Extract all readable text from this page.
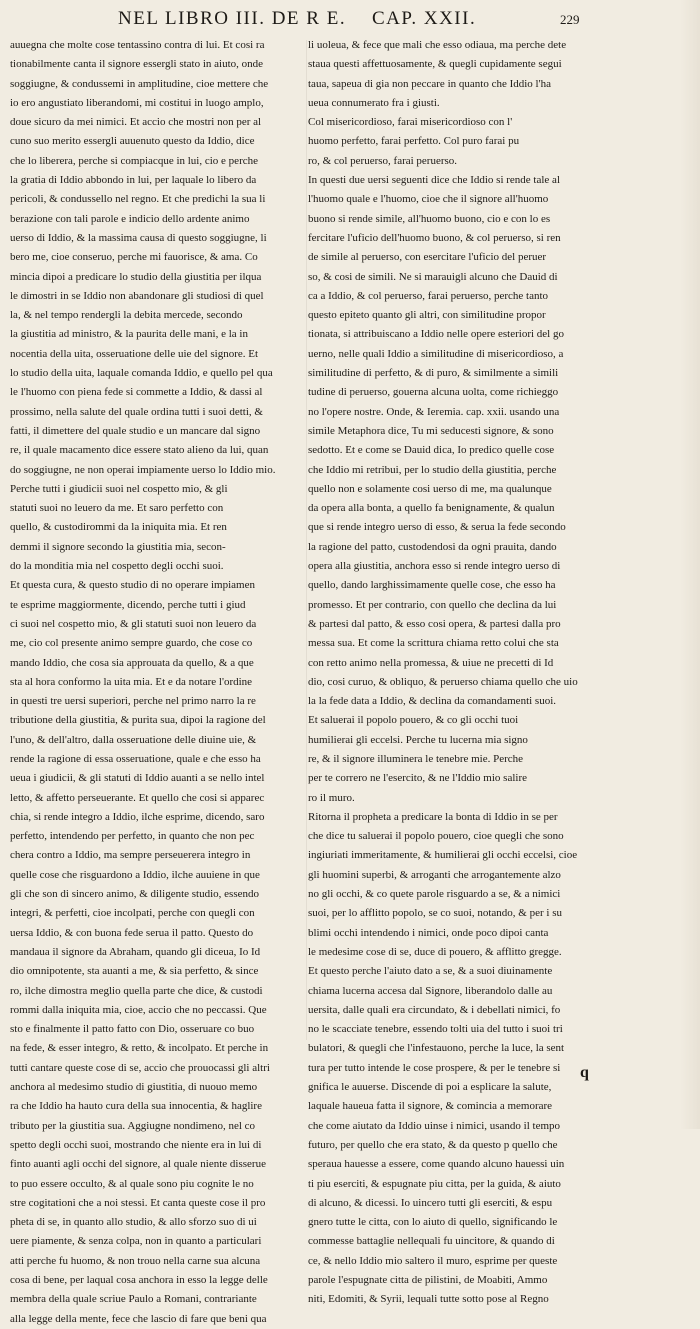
NEL LIBRO III. DE R E. CAP. XXII.	229
auuegna che molte cose tentassino contra di lui. Et cosi ra
tionabilmente canta il signore essergli stato in aiuto, onde
soggiugne, & condussemi in amplitudine, cioe mettere che
io ero angustiato liberandomi, mi costitui in luogo amplo,
doue sicuro da mei nimici. Et accio che mostri non per al
cuno suo merito essergli auuenuto questo da Iddio, dice
che lo liberera, perche si compiacque in lui, cio e perche
la gratia di Iddio abbondo in lui, per laquale lo libero da
pericoli, & condussello nel regno. Et che predichi la sua li
berazione con tali parole e indicio dello ardente animo
uerso di Iddio, & la massima causa di questo soggiugne, li
bero me, cioe conseruo, perche mi fauorisce, & ama. Co
mincia dipoi a predicare lo studio della giustitia per ilqua
le dimostri in se Iddio non abandonare gli studiosi di quel
la, & nel tempo rendergli la debita mercede, secondo
la giustitia ad ministro, & la paurita delle mani, e la in
nocentia della uita, osseruatione delle uie del signore. Et
lo studio della uita, laquale comanda Iddio, e quello pel qua
le l'huomo con piena fede si commette a Iddio, & dassi al
prossimo, nella salute del quale ordina tutti i suoi detti, &
fatti, il dimettere del quale studio e un mancare dal signo
re, il quale macamento dice essere stato alieno da lui, quan
do soggiugne, ne non operai impiamente uerso lo Iddio mio.
Perche tutti i giudicii suoi nel cospetto mio, & gli
statuti suoi no leuero da me. Et saro perfetto con
quello, & custodirommi da la iniquita mia. Et ren
demmi il signore secondo la giustitia mia, secon-
do la monditia mia nel cospetto degli occhi suoi.
Et questa cura, & questo studio di no operare impiamen
te esprime maggiormente, dicendo, perche tutti i giud
ci suoi nel cospetto mio, & gli statuti suoi non leuero da
me, cio col presente animo sempre guardo, che cose co
mando Iddio, che cosa sia approuata da quello, & a que
sta al hora conformo la uita mia. Et e da notare l'ordine
in questi tre uersi superiori, perche nel primo narro la re
tributione della giustitia, & purita sua, dipoi la ragione del
l'uno, & dell'altro, dalla osseruatione delle diuine uie, &
rende la ragione di essa osseruatione, quale e che esso ha
ueua i giudicii, & gli statuti di Iddio auanti a se nello intel
letto, & affetto perseuerante. Et quello che cosi si apparec
chia, si rende integro a Iddio, ilche esprime, dicendo, saro
perfetto, intendendo per perfetto, in quanto che non pec
chera contro a Iddio, ma sempre perseuerera integro in
quelle cose che risguardono a Iddio, ilche auuiene in que
gli che son di sincero animo, & diligente studio, essendo
integri, & perfetti, cioe incolpati, perche con quegli con
uersa Iddio, & con buona fede serua il patto. Questo do
mandaua il signore da Abraham, quando gli diceua, Io Id
dio omnipotente, sta auanti a me, & sia perfetto, & since
ro, ilche dimostra meglio quella parte che dice, & custodi
rommi dalla iniquita mia, cioe, accio che no peccassi. Que
sto e finalmente il patto fatto con Dio, osseruare co buo
na fede, & esser integro, & retto, & incolpato. Et perche in
tutti cantare queste cose di se, accio che prouocassi gli altri
anchora al medesimo studio di giustitia, di nuouo memo
ra che Iddio ha hauto cura della sua innocentia, & haglire
tributo per la giustitia sua. Aggiugne nondimeno, nel co
spetto degli occhi suoi, mostrando che niente era in lui di
finto auanti agli occhi del signore, al quale niente disserue
to puo essere occulto, & al quale sono piu cognite le no
stre cogitationi che a noi stessi. Et canta queste cose il pro
pheta di se, in quanto allo studio, & allo sforzo suo di ui
uere piamente, & senza colpa, non in quanto a particulari
atti perche fu huomo, & non trouo nella carne sua alcuna
cosa di bene, per laqual cosa anchora in esso la legge delle
membra della quale scriue Paulo a Romani, contrariante
alla legge della mente, fece che lascio di fare que beni qua
li uoleua, & fece que mali che esso odiaua, ma perche dete
staua questi affettuosamente, & quegli cupidamente segui
taua, sapeua di gia non peccare in quanto che Iddio l'ha
ueua connumerato fra i giusti.
Col misericordioso, farai misericordioso con l'
huomo perfetto, farai perfetto. Col puro farai pu
ro, & col peruerso, farai peruerso.
In questi due uersi seguenti dice che Iddio si rende tale al
l'huomo quale e l'huomo, cioe che il signore all'huomo
buono si rende simile, all'huomo buono, cio e con lo es
fercitare l'uficio dell'huomo buono, & col peruerso, si ren
de simile al peruerso, con esercitare l'uficio del peruer
so, & cosi de simili. Ne si marauigli alcuno che Dauid di
ca a Iddio, & col peruerso, farai peruerso, perche tanto
questo epiteto quanto gli altri, con similitudine propor
tionata, si attribuiscano a Iddio nelle opere esteriori del go
uerno, nelle quali Iddio a similitudine di misericordioso, a
similitudine di perfetto, & di puro, & similmente a simili
tudine di peruerso, gouerna alcuna uolta, come richieggo
no l'opere nostre. Onde, & Ieremia. cap. xxii. usando una
simile Metaphora dice, Tu mi seducesti signore, & sono
sedotto. Et e come se Dauid dica, Io predico quelle cose
che Iddio mi retribui, per lo studio della giustitia, perche
quello non e solamente cosi uerso di me, ma qualunque
da opera alla bonta, a quello fa benignamente, & qualun
que si rende integro uerso di esso, & serua la fede secondo
la ragione del patto, custodendosi da ogni prauita, dando
opera alla giustitia, anchora esso si rende integro uerso di
quello, dando larghissimamente quelle cose, che esso ha
promesso. Et per contrario, con quello che declina da lui
& partesi dal patto, & esso cosi opera, & partesi dalla pro
messa sua. Et come la scrittura chiama retto colui che sta
con retto animo nella promessa, & uiue ne precetti di Id
dio, cosi curuo, & obliquo, & peruerso chiama quello che uio
la la fede data a Iddio, & declina da comandamenti suoi.
Et saluerai il popolo pouero, & co gli occhi tuoi
humilierai gli eccelsi. Perche tu lucerna mia signo
re, & il signore illuminera le tenebre mie. Perche
per te correro ne l'esercito, & ne l'Iddio mio salire
ro il muro.
Ritorna il propheta a predicare la bonta di Iddio in se per
che dice tu saluerai il popolo pouero, cioe quegli che sono
ingiuriati immeritamente, & humilierai gli occhi eccelsi, cioe
gli huomini superbi, & arroganti che arrogantemente alzo
no gli occhi, & co quete parole risguardo a se, & a nimici
suoi, per lo afflitto popolo, se co suoi, notando, & per i su
blimi occhi intendendo i nimici, onde poco dipoi canta
le medesime cose di se, duce di pouero, & afflitto gregge.
Et questo perche l'aiuto dato a se, & a suoi diuinamente
chiama lucerna accesa dal Signore, liberandolo dalle au
uersita, dalle quali era circundato, & i debellati nimici, fo
no le scacciate tenebre, essendo tolti uia del tutto i suoi tri
bulatori, & quegli che l'infestauono, perche la luce, la sent
tura per tutto intende le cose prospere, & per le tenebre si
gnifica le auuerse. Discende di poi a esplicare la salute,
laquale haueua fatta il signore, & comincia a memorare
che come aiutato da Iddio uinse i nimici, usando il tempo
futuro, per quello che era stato, & da questo p quello che
speraua hauesse a essere, come quando alcuno hauessi uin
ti piu eserciti, & espugnate piu citta, per la guida, & aiuto
di alcuno, & dicessi. Io uincero tutti gli eserciti, & espu
gnero tutte le citta, con lo aiuto di quello, significando le
commesse battaglie nellequali fu uincitore, & quando di
ce, & nello Iddio mio saltero il muro, esprime per queste
parole l'espugnate citta de pilistini, de Moabiti, Ammo
niti, Edomiti, & Syrii, lequali tutte sotto pose al Regno
q
